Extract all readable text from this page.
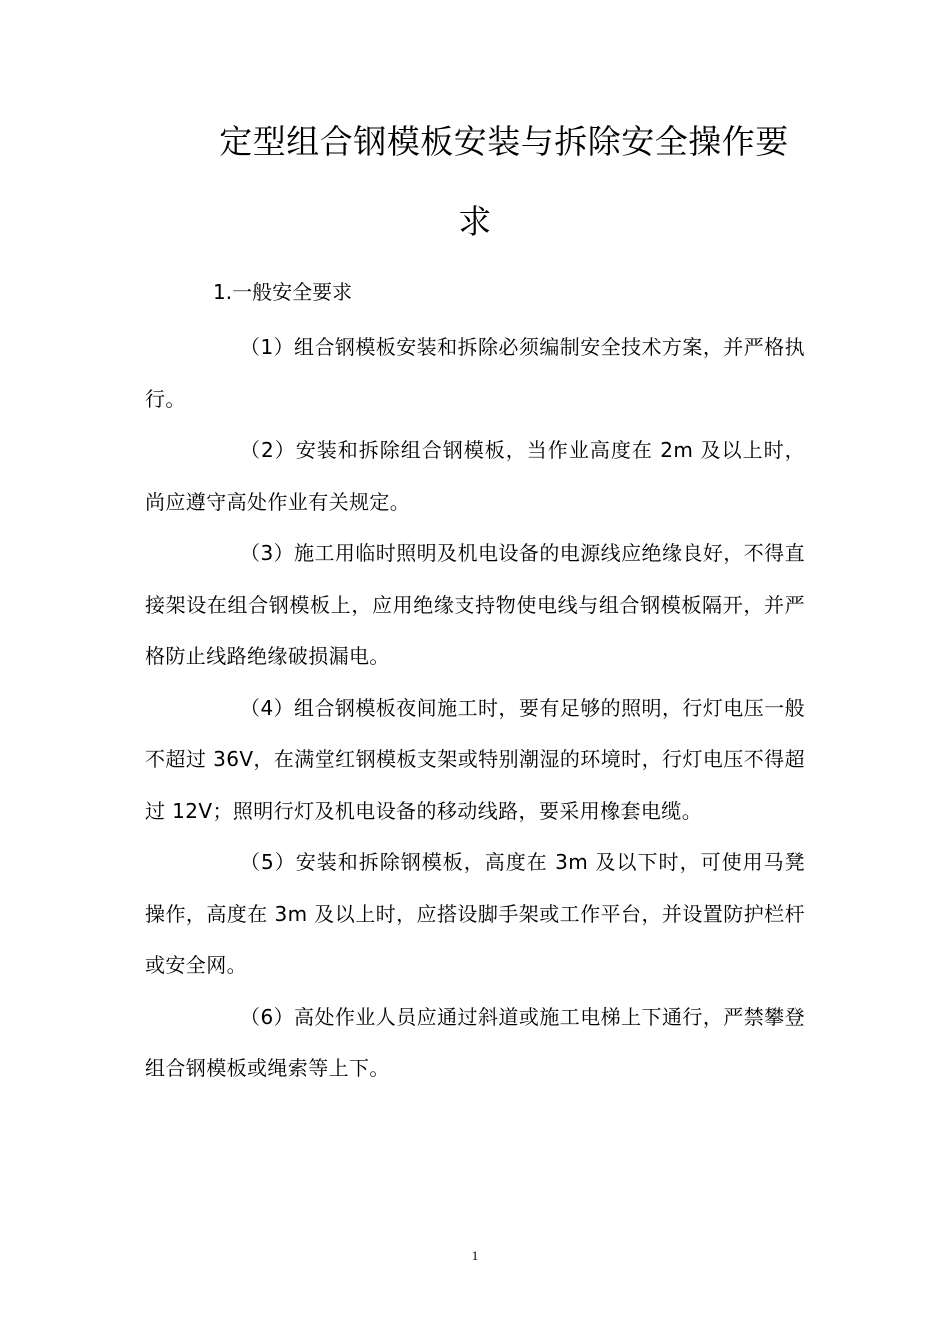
定型组合钢模板安装与拆除安全操作要
求
1.一般安全要求

（1）组合钢模板安装和拆除必须编制安全技术方案，并严格执行。

（2）安装和拆除组合钢模板，当作业高度在 2m 及以上时，尚应遵守高处作业有关规定。

（3）施工用临时照明及机电设备的电源线应绝缘良好，不得直接架设在组合钢模板上，应用绝缘支持物使电线与组合钢模板隔开，并严格防止线路绝缘破损漏电。

（4）组合钢模板夜间施工时，要有足够的照明，行灯电压一般不超过 36V，在满堂红钢模板支架或特别潮湿的环境时，行灯电压不得超过 12V；照明行灯及机电设备的移动线路，要采用橡套电缆。

（5）安装和拆除钢模板，高度在 3m 及以下时，可使用马凳操作，高度在 3m 及以上时，应搭设脚手架或工作平台，并设置防护栏杆或安全网。

（6）高处作业人员应通过斜道或施工电梯上下通行，严禁攀登组合钢模板或绳索等上下。

1
